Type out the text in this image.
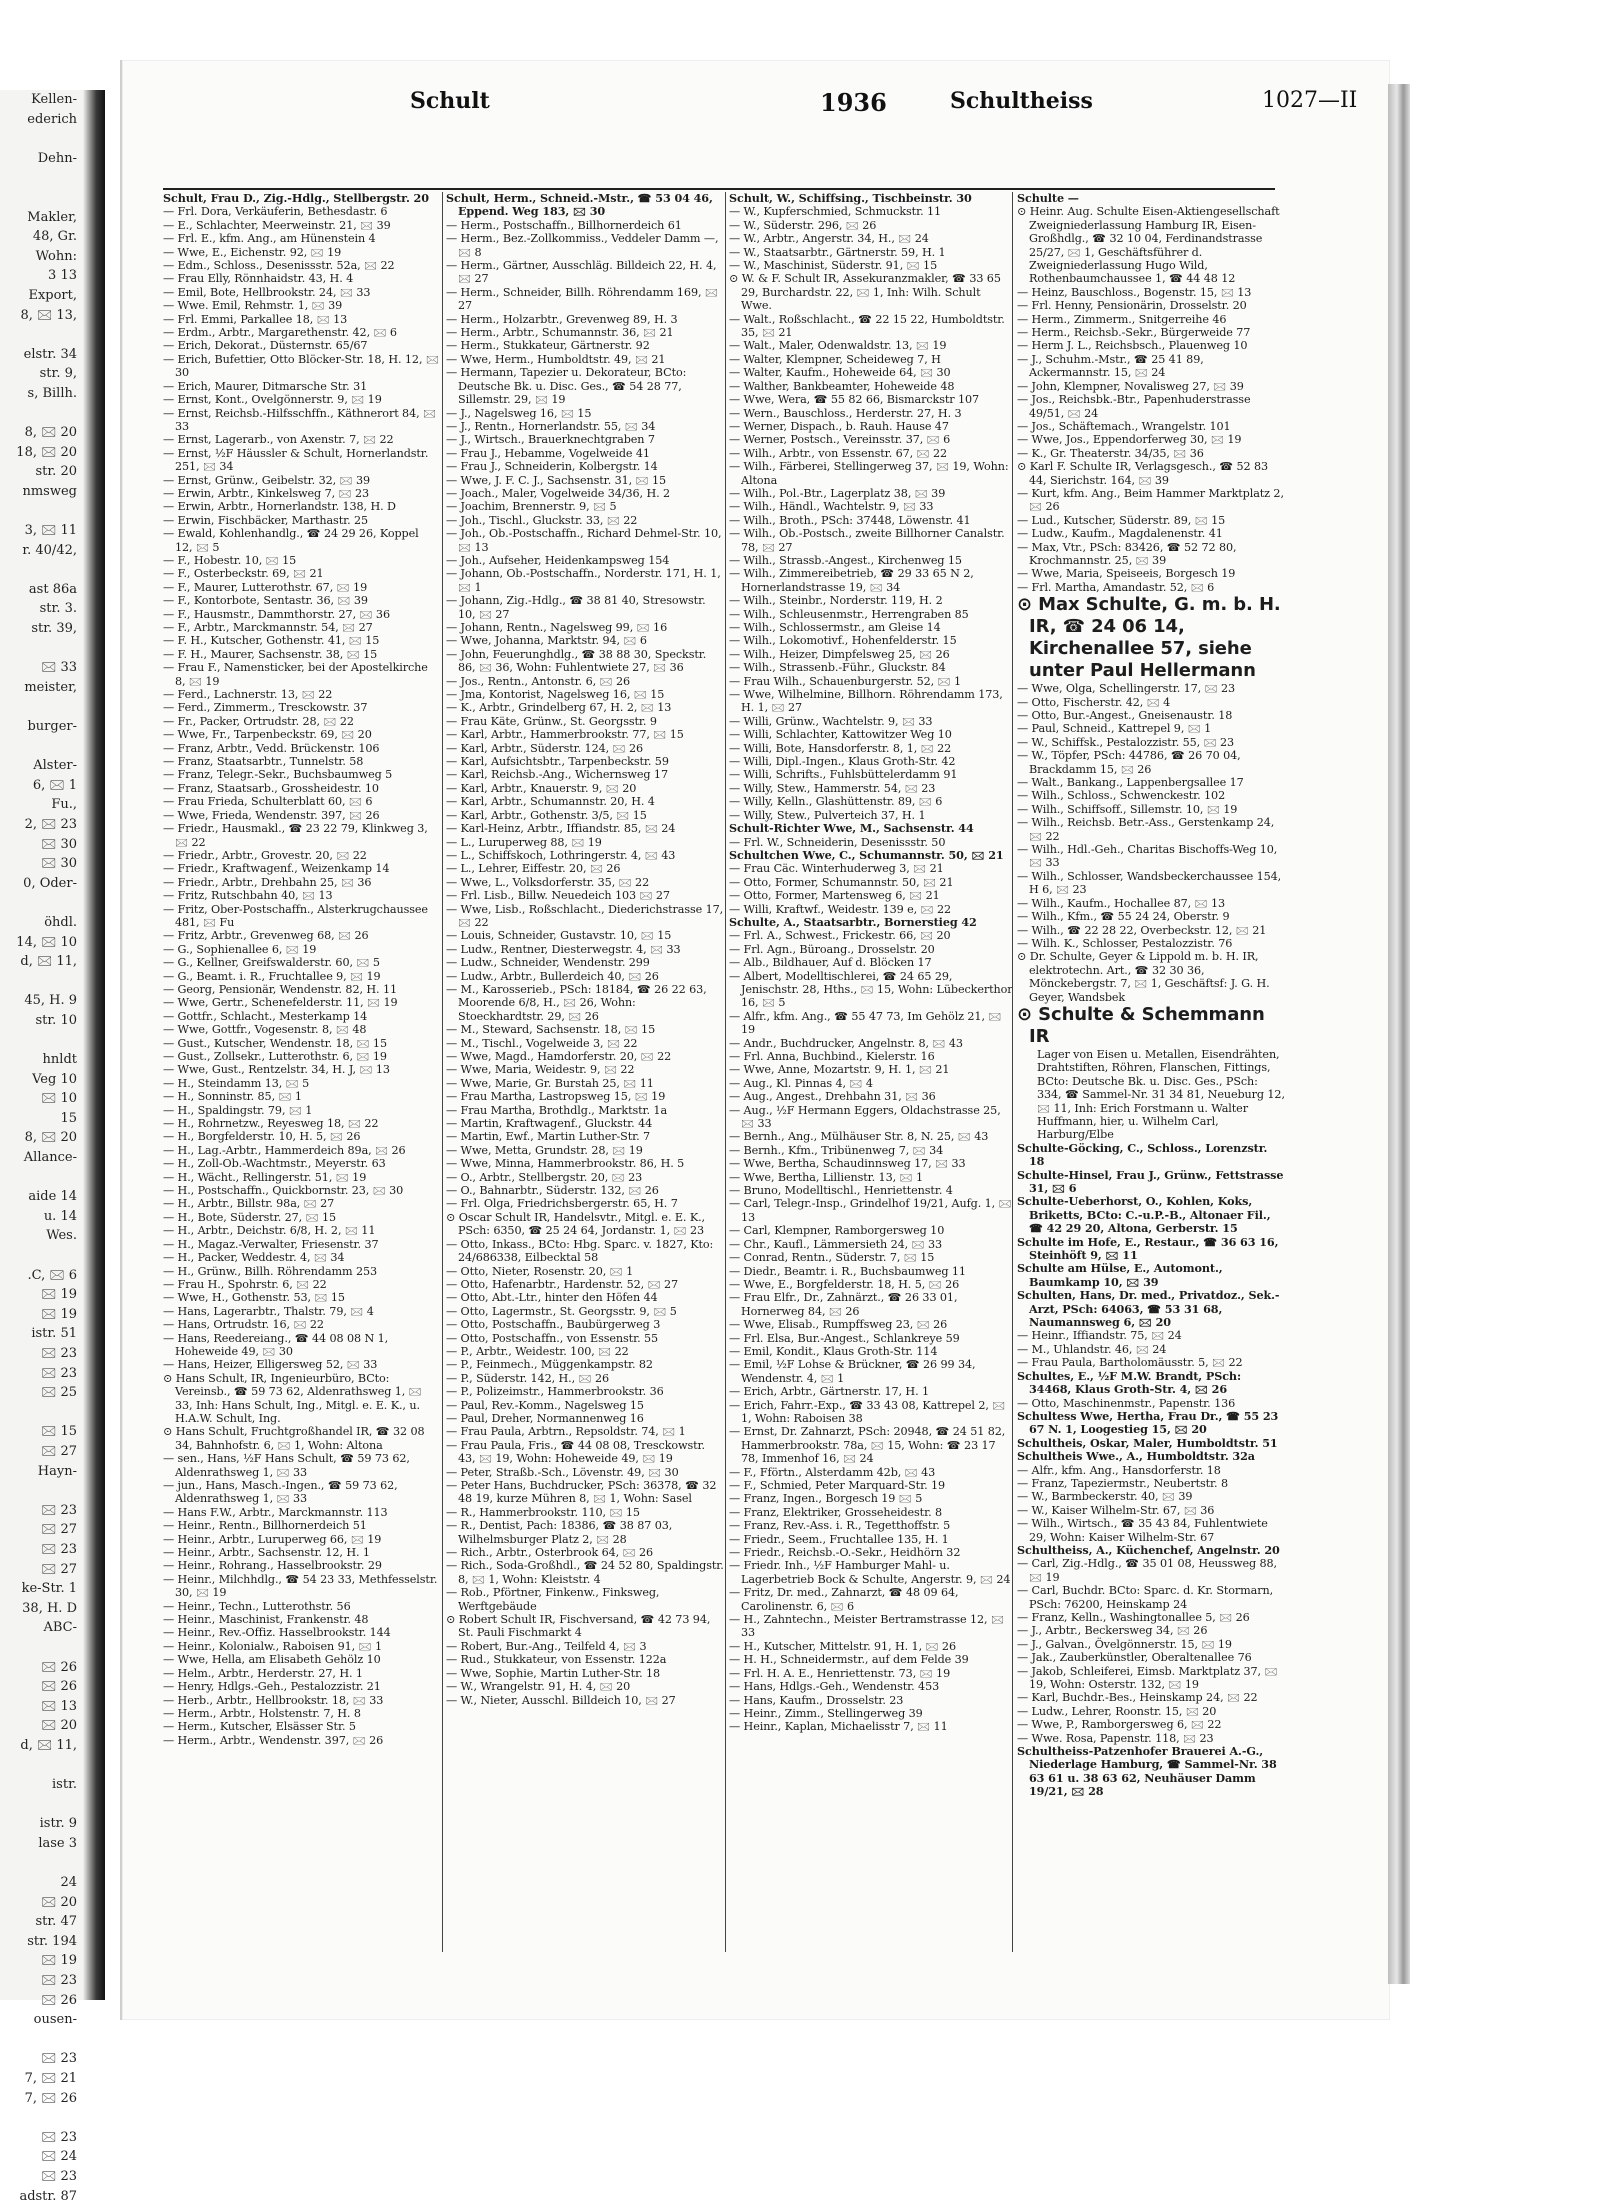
Kellen-
ederich
Dehn-
Makler,
48, Gr.
Wohn:
3 13
Export,
8, 🖂 13,
elstr. 34
str. 9,
s, Billh.
8, 🖂 20
18, 🖂 20
str. 20
nmsweg
3, 🖂 11
r. 40/42,
ast 86a
str. 3.
str. 39,
🖂 33
meister,
burger-
Alster-
6, 🖂 1
Fu.,
2, 🖂 23
🖂 30
🖂 30
0, Oder-
öhdl.
14, 🖂 10
d, 🖂 11,
45, H. 9
str. 10
hnldt
Veg 10
🖂 10
15
8, 🖂 20
Allance-
aide 14
u. 14
Wes.
.C, 🖂 6
🖂 19
🖂 19
istr. 51
🖂 23
🖂 23
🖂 25
🖂 15
🖂 27
Hayn-
🖂 23
🖂 27
🖂 23
🖂 27
ke-Str. 1
38, H. D
ABC-
🖂 26
🖂 26
🖂 13
🖂 20
d, 🖂 11,
istr.
istr. 9
lase 3
24
🖂 20
str. 47
str. 194
🖂 19
🖂 23
🖂 26
ousen-
🖂 23
7, 🖂 21
7, 🖂 26
🖂 23
🖂 24
🖂 23
adstr. 87
Schult	1936	Schultheiss	1027—II
Schult, Frau D., Zig.-Hdlg., Stellbergstr. 20
— Frl. Dora, Verkäuferin, Bethesdastr. 6
— E., Schlachter, Meerweinstr. 21, 🖂 39
— Frl. E., kfm. Ang., am Hünenstein 4
— Wwe, E., Eichenstr. 92, 🖂 19
— Edm., Schloss., Desenissstr. 52a, 🖂 22
— Frau Elly, Rönnhaidstr. 43, H. 4
— Emil, Bote, Hellbrookstr. 24, 🖂 33
— Wwe. Emil, Rehmstr. 1, 🖂 39
— Frl. Emmi, Parkallee 18, 🖂 13
— Erdm., Arbtr., Margarethenstr. 42, 🖂 6
— Erich, Dekorat., Düsternstr. 65/67
— Erich, Bufettier, Otto Blöcker-Str. 18, H. 12, 🖂 30
— Erich, Maurer, Ditmarsche Str. 31
— Ernst, Kont., Ovelgönnerstr. 9, 🖂 19
— Ernst, Reichsb.-Hilfsschffn., Käthnerort 84, 🖂 33
— Ernst, Lagerarb., von Axenstr. 7, 🖂 22
— Ernst, ½F Häussler & Schult, Hornerlandstr. 251, 🖂 34
— Ernst, Grünw., Geibelstr. 32, 🖂 39
— Erwin, Arbtr., Kinkelsweg 7, 🖂 23
— Erwin, Arbtr., Hornerlandstr. 138, H. D
— Erwin, Fischbäcker, Marthastr. 25
— Ewald, Kohlenhandlg., ☎ 24 29 26, Koppel 12, 🖂 5
— F., Hobestr. 10, 🖂 15
— F., Osterbeckstr. 69, 🖂 21
— F., Maurer, Lutterothstr. 67, 🖂 19
— F., Kontorbote, Sentastr. 36, 🖂 39
— F., Hausmstr., Dammthorstr. 27, 🖂 36
— F., Arbtr., Marckmannstr. 54, 🖂 27
— F. H., Kutscher, Gothenstr. 41, 🖂 15
— F. H., Maurer, Sachsenstr. 38, 🖂 15
— Frau F., Namensticker, bei der Apostelkirche 8, 🖂 19
— Ferd., Lachnerstr. 13, 🖂 22
— Ferd., Zimmerm., Tresckowstr. 37
— Fr., Packer, Ortrudstr. 28, 🖂 22
— Wwe, Fr., Tarpenbeckstr. 69, 🖂 20
— Franz, Arbtr., Vedd. Brückenstr. 106
— Franz, Staatsarbtr., Tunnelstr. 58
— Franz, Telegr.-Sekr., Buchsbaumweg 5
— Franz, Staatsarb., Grossheidestr. 10
— Frau Frieda, Schulterblatt 60, 🖂 6
— Wwe, Frieda, Wendenstr. 397, 🖂 26
— Friedr., Hausmakl., ☎ 23 22 79, Klinkweg 3, 🖂 22
— Friedr., Arbtr., Grovestr. 20, 🖂 22
— Friedr., Kraftwagenf., Weizenkamp 14
— Friedr., Arbtr., Drehbahn 25, 🖂 36
— Fritz, Rutschbahn 40, 🖂 13
— Fritz, Ober-Postschaffn., Alsterkrugchaussee 481, 🖂 Fu
— Fritz, Arbtr., Grevenweg 68, 🖂 26
— G., Sophienallee 6, 🖂 19
— G., Kellner, Greifswalderstr. 60, 🖂 5
— G., Beamt. i. R., Fruchtallee 9, 🖂 19
— Georg, Pensionär, Wendenstr. 82, H. 11
— Wwe, Gertr., Schenefelderstr. 11, 🖂 19
— Gottfr., Schlacht., Mesterkamp 14
— Wwe, Gottfr., Vogesenstr. 8, 🖂 48
— Gust., Kutscher, Wendenstr. 18, 🖂 15
— Gust., Zollsekr., Lutterothstr. 6, 🖂 19
— Wwe, Gust., Rentzelstr. 34, H. J, 🖂 13
— H., Steindamm 13, 🖂 5
— H., Sonninstr. 85, 🖂 1
— H., Spaldingstr. 79, 🖂 1
— H., Rohrnetzw., Reyesweg 18, 🖂 22
— H., Borgfelderstr. 10, H. 5, 🖂 26
— H., Lag.-Arbtr., Hammerdeich 89a, 🖂 26
— H., Zoll-Ob.-Wachtmstr., Meyerstr. 63
— H., Wächt., Rellingerstr. 51, 🖂 19
— H., Postschaffn., Quickbornstr. 23, 🖂 30
— H., Arbtr., Billstr. 98a, 🖂 27
— H., Bote, Süderstr. 27, 🖂 15
— H., Arbtr., Deichstr. 6/8, H. 2, 🖂 11
— H., Magaz.-Verwalter, Friesenstr. 37
— H., Packer, Weddestr. 4, 🖂 34
— H., Grünw., Billh. Röhrendamm 253
— Frau H., Spohrstr. 6, 🖂 22
— Wwe, H., Gothenstr. 53, 🖂 15
— Hans, Lagerarbtr., Thalstr. 79, 🖂 4
— Hans, Ortrudstr. 16, 🖂 22
— Hans, Reedereiang., ☎ 44 08 08 N 1, Hoheweide 49, 🖂 30
— Hans, Heizer, Elligersweg 52, 🖂 33
⊙ Hans Schult, IR, Ingenieurbüro, BCto: Vereinsb., ☎ 59 73 62, Aldenrathsweg 1, 🖂 33, Inh: Hans Schult, Ing., Mitgl. e. E. K., u. H.A.W. Schult, Ing.
⊙ Hans Schult, Fruchtgroßhandel IR, ☎ 32 08 34, Bahnhofstr. 6, 🖂 1, Wohn: Altona
— sen., Hans, ½F Hans Schult, ☎ 59 73 62, Aldenrathsweg 1, 🖂 33
— jun., Hans, Masch.-Ingen., ☎ 59 73 62, Aldenrathsweg 1, 🖂 33
— Hans F.W., Arbtr., Marckmannstr. 113
— Heinr., Rentn., Billhornerdeich 51
— Heinr., Arbtr., Luruperweg 66, 🖂 19
— Heinr., Arbtr., Sachsenstr. 12, H. 1
— Heinr., Rohrang., Hasselbrookstr. 29
— Heinr., Milchhdlg., ☎ 54 23 33, Methfesselstr. 30, 🖂 19
— Heinr., Techn., Lutterothstr. 56
— Heinr., Maschinist, Frankenstr. 48
— Heinr., Rev.-Offiz. Hasselbrookstr. 144
— Heinr., Kolonialw., Raboisen 91, 🖂 1
— Wwe, Hella, am Elisabeth Gehölz 10
— Helm., Arbtr., Herderstr. 27, H. 1
— Henry, Hdlgs.-Geh., Pestalozzistr. 21
— Herb., Arbtr., Hellbrookstr. 18, 🖂 33
— Herm., Arbtr., Holstenstr. 7, H. 8
— Herm., Kutscher, Elsässer Str. 5
— Herm., Arbtr., Wendenstr. 397, 🖂 26
Schult, Herm., Schneid.-Mstr., ☎ 53 04 46, Eppend. Weg 183, 🖂 30
— Herm., Postschaffn., Billhornerdeich 61
— Herm., Bez.-Zollkommiss., Veddeler Damm —, 🖂 8
— Herm., Gärtner, Ausschläg. Billdeich 22, H. 4, 🖂 27
— Herm., Schneider, Billh. Röhrendamm 169, 🖂 27
— Herm., Holzarbtr., Grevenweg 89, H. 3
— Herm., Arbtr., Schumannstr. 36, 🖂 21
— Herm., Stukkateur, Gärtnerstr. 92
— Wwe, Herm., Humboldtstr. 49, 🖂 21
— Hermann, Tapezier u. Dekorateur, BCto: Deutsche Bk. u. Disc. Ges., ☎ 54 28 77, Sillemstr. 29, 🖂 19
— J., Nagelsweg 16, 🖂 15
— J., Rentn., Hornerlandstr. 55, 🖂 34
— J., Wirtsch., Brauerknechtgraben 7
— Frau J., Hebamme, Vogelweide 41
— Frau J., Schneiderin, Kolbergstr. 14
— Wwe, J. F. C. J., Sachsenstr. 31, 🖂 15
— Joach., Maler, Vogelweide 34/36, H. 2
— Joachim, Brennerstr. 9, 🖂 5
— Joh., Tischl., Gluckstr. 33, 🖂 22
— Joh., Ob.-Postschaffn., Richard Dehmel-Str. 10, 🖂 13
— Joh., Aufseher, Heidenkampsweg 154
— Johann, Ob.-Postschaffn., Norderstr. 171, H. 1, 🖂 1
— Johann, Zig.-Hdlg., ☎ 38 81 40, Stresowstr. 10, 🖂 27
— Johann, Rentn., Nagelsweg 99, 🖂 16
— Wwe, Johanna, Marktstr. 94, 🖂 6
— John, Feuerunghdlg., ☎ 38 88 30, Speckstr. 86, 🖂 36, Wohn: Fuhlentwiete 27, 🖂 36
— Jos., Rentn., Antonstr. 6, 🖂 26
— Jma, Kontorist, Nagelsweg 16, 🖂 15
— K., Arbtr., Grindelberg 67, H. 2, 🖂 13
— Frau Käte, Grünw., St. Georgsstr. 9
— Karl, Arbtr., Hammerbrookstr. 77, 🖂 15
— Karl, Arbtr., Süderstr. 124, 🖂 26
— Karl, Aufsichtsbtr., Tarpenbeckstr. 59
— Karl, Reichsb.-Ang., Wichernsweg 17
— Karl, Arbtr., Knauerstr. 9, 🖂 20
— Karl, Arbtr., Schumannstr. 20, H. 4
— Karl, Arbtr., Gothenstr. 3/5, 🖂 15
— Karl-Heinz, Arbtr., Iffiandstr. 85, 🖂 24
— L., Luruperweg 88, 🖂 19
— L., Schiffskoch, Lothringerstr. 4, 🖂 43
— L., Lehrer, Eiffestr. 20, 🖂 26
— Wwe, L., Volksdorferstr. 35, 🖂 22
— Frl. Lisb., Billw. Neuedeich 103 🖂 27
— Wwe, Lisb., Roßschlacht., Diederichstrasse 17, 🖂 22
— Louis, Schneider, Gustavstr. 10, 🖂 15
— Ludw., Rentner, Diesterwegstr. 4, 🖂 33
— Ludw., Schneider, Wendenstr. 299
— Ludw., Arbtr., Bullerdeich 40, 🖂 26
— M., Karosserieb., PSch: 18184, ☎ 26 22 63, Moorende 6/8, H., 🖂 26, Wohn: Stoeckhardtstr. 29, 🖂 26
— M., Steward, Sachsenstr. 18, 🖂 15
— M., Tischl., Vogelweide 3, 🖂 22
— Wwe, Magd., Hamdorferstr. 20, 🖂 22
— Wwe, Maria, Weidestr. 9, 🖂 22
— Wwe, Marie, Gr. Burstah 25, 🖂 11
— Frau Martha, Lastropsweg 15, 🖂 19
— Frau Martha, Brothdlg., Marktstr. 1a
— Martin, Kraftwagenf., Gluckstr. 44
— Martin, Ewf., Martin Luther-Str. 7
— Wwe, Metta, Grundstr. 28, 🖂 19
— Wwe, Minna, Hammerbrookstr. 86, H. 5
— O., Arbtr., Stellbergstr. 20, 🖂 23
— O., Bahnarbtr., Süderstr. 132, 🖂 26
— Frl. Olga, Friedrichsbergerstr. 65, H. 7
⊙ Oscar Schult IR, Handelsvtr., Mitgl. e. E. K., PSch: 6350, ☎ 25 24 64, Jordanstr. 1, 🖂 23
— Otto, Inkass., BCto: Hbg. Sparc. v. 1827, Kto: 24/686338, Eilbecktal 58
— Otto, Nieter, Rosenstr. 20, 🖂 1
— Otto, Hafenarbtr., Hardenstr. 52, 🖂 27
— Otto, Abt.-Ltr., hinter den Höfen 44
— Otto, Lagermstr., St. Georgsstr. 9, 🖂 5
— Otto, Postschaffn., Baubürgerweg 3
— Otto, Postschaffn., von Essenstr. 55
— P., Arbtr., Weidestr. 100, 🖂 22
— P., Feinmech., Müggenkampstr. 82
— P., Süderstr. 142, H., 🖂 26
— P., Polizeimstr., Hammerbrookstr. 36
— Paul, Rev.-Komm., Nagelsweg 15
— Paul, Dreher, Normannenweg 16
— Frau Paula, Arbtrn., Repsoldstr. 74, 🖂 1
— Frau Paula, Fris., ☎ 44 08 08, Tresckowstr. 43, 🖂 19, Wohn: Hoheweide 49, 🖂 19
— Peter, Straßb.-Sch., Lövenstr. 49, 🖂 30
— Peter Hans, Buchdrucker, PSch: 36378, ☎ 32 48 19, kurze Mühren 8, 🖂 1, Wohn: Sasel
— R., Hammerbrookstr. 110, 🖂 15
— R., Dentist, Pach: 18386, ☎ 38 87 03, Wilhelmsburger Platz 2, 🖂 28
— Rich., Arbtr., Osterbrook 64, 🖂 26
— Rich., Soda-Großhdl., ☎ 24 52 80, Spaldingstr. 8, 🖂 1, Wohn: Kleiststr. 4
— Rob., Pförtner, Finkenw., Finksweg, Werftgebäude
⊙ Robert Schult IR, Fischversand, ☎ 42 73 94, St. Pauli Fischmarkt 4
— Robert, Bur.-Ang., Teilfeld 4, 🖂 3
— Rud., Stukkateur, von Essenstr. 122a
— Wwe, Sophie, Martin Luther-Str. 18
— W., Wrangelstr. 91, H. 4, 🖂 20
— W., Nieter, Ausschl. Billdeich 10, 🖂 27
Schult, W., Schiffsing., Tischbeinstr. 30
— W., Kupferschmied, Schmuckstr. 11
— W., Süderstr. 296, 🖂 26
— W., Arbtr., Angerstr. 34, H., 🖂 24
— W., Staatsarbtr., Gärtnerstr. 59, H. 1
— W., Maschinist, Süderstr. 91, 🖂 15
⊙ W. & F. Schult IR, Assekuranzmakler, ☎ 33 65 29, Burchardstr. 22, 🖂 1, Inh: Wilh. Schult Wwe.
— Walt., Roßschlacht., ☎ 22 15 22, Humboldtstr. 35, 🖂 21
— Walt., Maler, Odenwaldstr. 13, 🖂 19
— Walter, Klempner, Scheideweg 7, H
— Walter, Kaufm., Hoheweide 64, 🖂 30
— Walther, Bankbeamter, Hoheweide 48
— Wwe, Wera, ☎ 55 82 66, Bismarckstr 107
— Wern., Bauschloss., Herderstr. 27, H. 3
— Werner, Dispach., b. Rauh. Hause 47
— Werner, Postsch., Vereinsstr. 37, 🖂 6
— Wilh., Arbtr., von Essenstr. 67, 🖂 22
— Wilh., Färberei, Stellingerweg 37, 🖂 19, Wohn: Altona
— Wilh., Pol.-Btr., Lagerplatz 38, 🖂 39
— Wilh., Händl., Wachtelstr. 9, 🖂 33
— Wilh., Broth., PSch: 37448, Löwenstr. 41
— Wilh., Ob.-Postsch., zweite Billhorner Canalstr. 78, 🖂 27
— Wilh., Strassb.-Angest., Kirchenweg 15
— Wilh., Zimmereibetrieb, ☎ 29 33 65 N 2, Hornerlandstrasse 19, 🖂 34
— Wilh., Steinbr., Norderstr. 119, H. 2
— Wilh., Schleusenmstr., Herrengraben 85
— Wilh., Schlossermstr., am Gleise 14
— Wilh., Lokomotivf., Hohenfelderstr. 15
— Wilh., Heizer, Dimpfelsweg 25, 🖂 26
— Wilh., Strassenb.-Führ., Gluckstr. 84
— Frau Wilh., Schauenburgerstr. 52, 🖂 1
— Wwe, Wilhelmine, Billhorn. Röhrendamm 173, H. 1, 🖂 27
— Willi, Grünw., Wachtelstr. 9, 🖂 33
— Willi, Schlachter, Kattowitzer Weg 10
— Willi, Bote, Hansdorferstr. 8, 1, 🖂 22
— Willi, Dipl.-Ingen., Klaus Groth-Str. 42
— Willi, Schrifts., Fuhlsbüttelerdamm 91
— Willy, Stew., Hammerstr. 54, 🖂 23
— Willy, Kelln., Glashüttenstr. 89, 🖂 6
— Willy, Stew., Pulverteich 37, H. 1
Schult-Richter Wwe, M., Sachsenstr. 44
— Frl. W., Schneiderin, Desenissstr. 50
Schultchen Wwe, C., Schumannstr. 50, 🖂 21
— Frau Cäc. Winterhuderweg 3, 🖂 21
— Otto, Former, Schumannstr. 50, 🖂 21
— Otto, Former, Martensweg 6, 🖂 21
— Willi, Kraftwf., Weidestr. 139 e, 🖂 22
Schulte, A., Staatsarbtr., Bornerstieg 42
— Frl. A., Schwest., Frickestr. 66, 🖂 20
— Frl. Agn., Büroang., Drosselstr. 20
— Alb., Bildhauer, Auf d. Blöcken 17
— Albert, Modelltischlerei, ☎ 24 65 29, Jenischstr. 28, Hths., 🖂 15, Wohn: Lübeckerthor 16, 🖂 5
— Alfr., kfm. Ang., ☎ 55 47 73, Im Gehölz 21, 🖂 19
— Andr., Buchdrucker, Angelnstr. 8, 🖂 43
— Frl. Anna, Buchbind., Kielerstr. 16
— Wwe, Anne, Mozartstr. 9, H. 1, 🖂 21
— Aug., Kl. Pinnas 4, 🖂 4
— Aug., Angest., Drehbahn 31, 🖂 36
— Aug., ½F Hermann Eggers, Oldachstrasse 25, 🖂 33
— Bernh., Ang., Mülhäuser Str. 8, N. 25, 🖂 43
— Bernh., Kfm., Tribünenweg 7, 🖂 34
— Wwe, Bertha, Schaudinnsweg 17, 🖂 33
— Wwe, Bertha, Lillienstr. 13, 🖂 1
— Bruno, Modelltischl., Henriettenstr. 4
— Carl, Telegr.-Insp., Grindelhof 19/21, Aufg. 1, 🖂 13
— Carl, Klempner, Ramborgersweg 10
— Chr., Kaufl., Lämmersieth 24, 🖂 33
— Conrad, Rentn., Süderstr. 7, 🖂 15
— Diedr., Beamtr. i. R., Buchsbaumweg 11
— Wwe, E., Borgfelderstr. 18, H. 5, 🖂 26
— Frau Elfr., Dr., Zahnärzt., ☎ 26 33 01, Hornerweg 84, 🖂 26
— Wwe, Elisab., Rumpffsweg 23, 🖂 26
— Frl. Elsa, Bur.-Angest., Schlankreye 59
— Emil, Kondit., Klaus Groth-Str. 114
— Emil, ½F Lohse & Brückner, ☎ 26 99 34, Wendenstr. 4, 🖂 1
— Erich, Arbtr., Gärtnerstr. 17, H. 1
— Erich, Fahrr.-Exp., ☎ 33 43 08, Kattrepel 2, 🖂 1, Wohn: Raboisen 38
— Ernst, Dr. Zahnarzt, PSch: 20948, ☎ 24 51 82, Hammerbrookstr. 78a, 🖂 15, Wohn: ☎ 23 17 78, Immenhof 16, 🖂 24
— F., Fförtn., Alsterdamm 42b, 🖂 43
— F., Schmied, Peter Marquard-Str. 19
— Franz, Ingen., Borgesch 19 🖂 5
— Franz, Elektriker, Grosseheidestr. 8
— Franz, Rev.-Ass. i. R., Tegetthoffstr. 5
— Friedr., Seem., Fruchtallee 135, H. 1
— Friedr., Reichsb.-O.-Sekr., Heidhörn 32
— Friedr. Inh., ½F Hamburger Mahl- u. Lagerbetrieb Bock & Schulte, Angerstr. 9, 🖂 24
— Fritz, Dr. med., Zahnarzt, ☎ 48 09 64, Carolinenstr. 6, 🖂 6
— H., Zahntechn., Meister Bertramstrasse 12, 🖂 33
— H., Kutscher, Mittelstr. 91, H. 1, 🖂 26
— H. H., Schneidermstr., auf dem Felde 39
— Frl. H. A. E., Henriettenstr. 73, 🖂 19
— Hans, Hdlgs.-Geh., Wendenstr. 453
— Hans, Kaufm., Drosselstr. 23
— Heinr., Zimm., Stellingerweg 39
— Heinr., Kaplan, Michaelisstr 7, 🖂 11
Schulte —
⊙ Heinr. Aug. Schulte Eisen-Aktiengesellschaft Zweigniederlassung Hamburg IR, Eisen-Großhdlg., ☎ 32 10 04, Ferdinandstrasse 25/27, 🖂 1, Geschäftsführer d. Zweigniederlassung Hugo Wild, Rothenbaumchaussee 1, ☎ 44 48 12
— Heinz, Bauschloss., Bogenstr. 15, 🖂 13
— Frl. Henny, Pensionärin, Drosselstr. 20
— Herm., Zimmerm., Snitgerreihe 46
— Herm., Reichsb.-Sekr., Bürgerweide 77
— Herm J. L., Reichsbsch., Plauenweg 10
— J., Schuhm.-Mstr., ☎ 25 41 89, Ackermannstr. 15, 🖂 24
— John, Klempner, Novalisweg 27, 🖂 39
— Jos., Reichsbk.-Btr., Papenhuderstrasse 49/51, 🖂 24
— Jos., Schäftemach., Wrangelstr. 101
— Wwe, Jos., Eppendorferweg 30, 🖂 19
— K., Gr. Theaterstr. 34/35, 🖂 36
⊙ Karl F. Schulte IR, Verlagsgesch., ☎ 52 83 44, Sierichstr. 164, 🖂 39
— Kurt, kfm. Ang., Beim Hammer Marktplatz 2, 🖂 26
— Lud., Kutscher, Süderstr. 89, 🖂 15
— Ludw., Kaufm., Magdalenenstr. 41
— Max, Vtr., PSch: 83426, ☎ 52 72 80, Krochmannstr. 25, 🖂 39
— Wwe, Maria, Speiseeis, Borgesch 19
— Frl. Martha, Amandastr. 52, 🖂 6
⊙ Max Schulte, G. m. b. H. IR, ☎ 24 06 14, Kirchenallee 57, siehe unter Paul Hellermann
— Wwe, Olga, Schellingerstr. 17, 🖂 23
— Otto, Fischerstr. 42, 🖂 4
— Otto, Bur.-Angest., Gneisenaustr. 18
— Paul, Schneid., Kattrepel 9, 🖂 1
— W., Schiffsk., Pestalozzistr. 55, 🖂 23
— W., Töpfer, PSch: 44786, ☎ 26 70 04, Brackdamm 15, 🖂 26
— Walt., Bankang., Lappenbergsallee 17
— Wilh., Schloss., Schwenckestr. 102
— Wilh., Schiffsoff., Sillemstr. 10, 🖂 19
— Wilh., Reichsb. Betr.-Ass., Gerstenkamp 24, 🖂 22
— Wilh., Hdl.-Geh., Charitas Bischoffs-Weg 10, 🖂 33
— Wilh., Schlosser, Wandsbeckerchaussee 154, H 6, 🖂 23
— Wilh., Kaufm., Hochallee 87, 🖂 13
— Wilh., Kfm., ☎ 55 24 24, Oberstr. 9
— Wilh., ☎ 22 28 22, Overbeckstr. 12, 🖂 21
— Wilh. K., Schlosser, Pestalozzistr. 76
⊙ Dr. Schulte, Geyer & Lippold m. b. H. IR, elektrotechn. Art., ☎ 32 30 36, Mönckebergstr. 7, 🖂 1, Geschäftsf: J. G. H. Geyer, Wandsbek
⊙ Schulte & Schemmann IR
Lager von Eisen u. Metallen, Eisendrähten, Drahtstiften, Röhren, Flanschen, Fittings, BCto: Deutsche Bk. u. Disc. Ges., PSch: 334, ☎ Sammel-Nr. 31 34 81, Neueburg 12, 🖂 11, Inh: Erich Forstmann u. Walter Huffmann, hier, u. Wilhelm Carl, Harburg/Elbe
Schulte-Göcking, C., Schloss., Lorenzstr. 18
Schulte-Hinsel, Frau J., Grünw., Fettstrasse 31, 🖂 6
Schulte-Ueberhorst, O., Kohlen, Koks, Briketts, BCto: C.-u.P.-B., Altonaer Fil., ☎ 42 29 20, Altona, Gerberstr. 15
Schulte im Hofe, E., Restaur., ☎ 36 63 16, Steinhöft 9, 🖂 11
Schulte am Hülse, E., Automont., Baumkamp 10, 🖂 39
Schulten, Hans, Dr. med., Privatdoz., Sek.-Arzt, PSch: 64063, ☎ 53 31 68, Naumannsweg 6, 🖂 20
— Heinr., Iffiandstr. 75, 🖂 24
— M., Uhlandstr. 46, 🖂 24
— Frau Paula, Bartholomäusstr. 5, 🖂 22
Schultes, E., ½F M.W. Brandt, PSch: 34468, Klaus Groth-Str. 4, 🖂 26
— Otto, Maschinenmstr., Papenstr. 136
Schultess Wwe, Hertha, Frau Dr., ☎ 55 23 67 N. 1, Loogestieg 15, 🖂 20
Schultheis, Oskar, Maler, Humboldtstr. 51
Schultheis Wwe., A., Humboldtstr. 32a
— Alfr., kfm. Ang., Hansdorferstr. 18
— Franz, Tapeziermstr., Neubertstr. 8
— W., Barmbeckerstr. 40, 🖂 39
— W., Kaiser Wilhelm-Str. 67, 🖂 36
— Wilh., Wirtsch., ☎ 35 43 84, Fuhlentwiete 29, Wohn: Kaiser Wilhelm-Str. 67
Schultheiss, A., Küchenchef, Angelnstr. 20
— Carl, Zig.-Hdlg., ☎ 35 01 08, Heussweg 88, 🖂 19
— Carl, Buchdr. BCto: Sparc. d. Kr. Stormarn, PSch: 76200, Heinskamp 24
— Franz, Kelln., Washingtonallee 5, 🖂 26
— J., Arbtr., Beckersweg 34, 🖂 26
— J., Galvan., Övelgönnerstr. 15, 🖂 19
— Jak., Zauberkünstler, Oberaltenallee 76
— Jakob, Schleiferei, Eimsb. Marktplatz 37, 🖂 19, Wohn: Osterstr. 132, 🖂 19
— Karl, Buchdr.-Bes., Heinskamp 24, 🖂 22
— Ludw., Lehrer, Roonstr. 15, 🖂 20
— Wwe, P., Ramborgersweg 6, 🖂 22
— Wwe. Rosa, Papenstr. 118, 🖂 23
Schultheiss-Patzenhofer Brauerei A.-G., Niederlage Hamburg, ☎ Sammel-Nr. 38 63 61 u. 38 63 62, Neuhäuser Damm 19/21, 🖂 28
